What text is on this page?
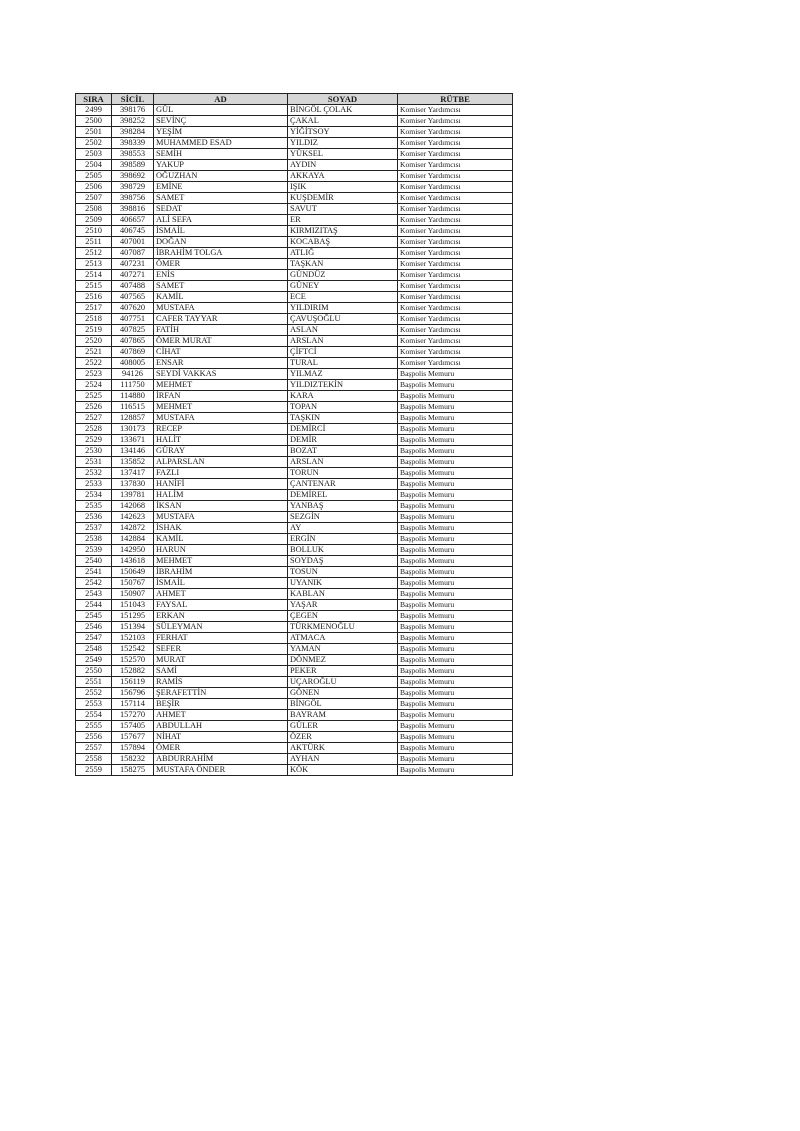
SIRA	SİCİL	AD	SOYAD	RÜTBE
2499	398176	GÜL	BİNGÖL ÇOLAK	Komiser Yardımcısı
2500	398252	SEVİNÇ	ÇAKAL	Komiser Yardımcısı
2501	398284	YEŞİM	YİĞİTSOY	Komiser Yardımcısı
2502	398339	MUHAMMED ESAD	YILDIZ	Komiser Yardımcısı
2503	398553	SEMİH	YÜKSEL	Komiser Yardımcısı
2504	398589	YAKUP	AYDIN	Komiser Yardımcısı
2505	398692	OĞUZHAN	AKKAYA	Komiser Yardımcısı
2506	398729	EMİNE	IŞIK	Komiser Yardımcısı
2507	398756	SAMET	KUŞDEMİR	Komiser Yardımcısı
2508	398816	SEDAT	SAVUT	Komiser Yardımcısı
2509	406657	ALİ SEFA	ER	Komiser Yardımcısı
2510	406745	İSMAİL	KIRMIZITAŞ	Komiser Yardımcısı
2511	407001	DOĞAN	KOCABAŞ	Komiser Yardımcısı
2512	407087	İBRAHİM TOLGA	ATLIĞ	Komiser Yardımcısı
2513	407231	ÖMER	TAŞKAN	Komiser Yardımcısı
2514	407271	ENİS	GÜNDÜZ	Komiser Yardımcısı
2515	407488	SAMET	GÜNEY	Komiser Yardımcısı
2516	407565	KAMİL	ECE	Komiser Yardımcısı
2517	407620	MUSTAFA	YILDIRIM	Komiser Yardımcısı
2518	407751	CAFER TAYYAR	ÇAVUŞOĞLU	Komiser Yardımcısı
2519	407825	FATİH	ASLAN	Komiser Yardımcısı
2520	407865	ÖMER MURAT	ARSLAN	Komiser Yardımcısı
2521	407869	CİHAT	ÇİFTCİ	Komiser Yardımcısı
2522	408005	ENSAR	TURAL	Komiser Yardımcısı
2523	94126	SEYDİ VAKKAS	YILMAZ	Başpolis Memuru
2524	111750	MEHMET	YILDIZTEKİN	Başpolis Memuru
2525	114880	İRFAN	KARA	Başpolis Memuru
2526	116515	MEHMET	TOPAN	Başpolis Memuru
2527	128857	MUSTAFA	TAŞKIN	Başpolis Memuru
2528	130173	RECEP	DEMİRCİ	Başpolis Memuru
2529	133671	HALİT	DEMİR	Başpolis Memuru
2530	134146	GÜRAY	BOZAT	Başpolis Memuru
2531	135852	ALPARSLAN	ARSLAN	Başpolis Memuru
2532	137417	FAZLI	TORUN	Başpolis Memuru
2533	137830	HANİFİ	ÇANTENAR	Başpolis Memuru
2534	139781	HALİM	DEMİREL	Başpolis Memuru
2535	142068	İKSAN	YANBAŞ	Başpolis Memuru
2536	142623	MUSTAFA	SEZGİN	Başpolis Memuru
2537	142872	İSHAK	AY	Başpolis Memuru
2538	142884	KAMİL	ERGİN	Başpolis Memuru
2539	142950	HARUN	BOLLUK	Başpolis Memuru
2540	143618	MEHMET	SOYDAŞ	Başpolis Memuru
2541	150649	İBRAHİM	TOSUN	Başpolis Memuru
2542	150767	İSMAİL	UYANIK	Başpolis Memuru
2543	150907	AHMET	KABLAN	Başpolis Memuru
2544	151043	FAYSAL	YAŞAR	Başpolis Memuru
2545	151295	ERKAN	ÇEGEN	Başpolis Memuru
2546	151394	SÜLEYMAN	TÜRKMENOĞLU	Başpolis Memuru
2547	152103	FERHAT	ATMACA	Başpolis Memuru
2548	152542	SEFER	YAMAN	Başpolis Memuru
2549	152570	MURAT	DÖNMEZ	Başpolis Memuru
2550	152882	SAMİ	PEKER	Başpolis Memuru
2551	156119	RAMİS	UÇAROĞLU	Başpolis Memuru
2552	156796	ŞERAFETTİN	GÖNEN	Başpolis Memuru
2553	157114	BEŞİR	BİNGÖL	Başpolis Memuru
2554	157270	AHMET	BAYRAM	Başpolis Memuru
2555	157405	ABDULLAH	GÜLER	Başpolis Memuru
2556	157677	NİHAT	ÖZER	Başpolis Memuru
2557	157894	ÖMER	AKTÜRK	Başpolis Memuru
2558	158232	ABDURRAHİM	AYHAN	Başpolis Memuru
2559	158275	MUSTAFA ÖNDER	KÖK	Başpolis Memuru
